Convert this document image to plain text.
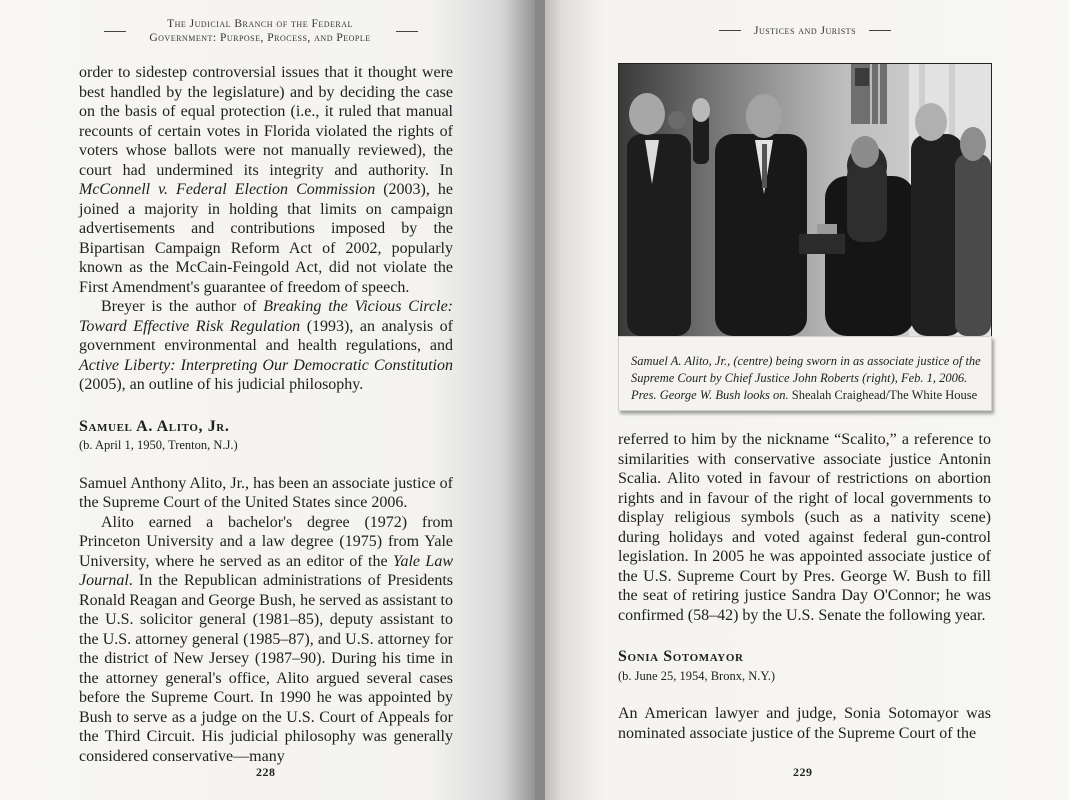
The Judicial Branch of the Federal
Government: Purpose, Process, and People

order to sidestep controversial issues that it thought were best handled by the legislature) and by deciding the case on the basis of equal protection (i.e., it ruled that manual recounts of certain votes in Florida violated the rights of voters whose ballots were not manually reviewed), the court had undermined its integrity and authority. In McConnell v. Federal Election Commission (2003), he joined a majority in holding that limits on campaign advertisements and contributions imposed by the Bipartisan Campaign Reform Act of 2002, popularly known as the McCain-Feingold Act, did not violate the First Amendment's guarantee of freedom of speech.

Breyer is the author of Breaking the Vicious Circle: Toward Effective Risk Regulation (1993), an analysis of government environmental and health regulations, and Active Liberty: Interpreting Our Democratic Constitution (2005), an outline of his judicial philosophy.

Samuel A. Alito, Jr.

(b. April 1, 1950, Trenton, N.J.)

Samuel Anthony Alito, Jr., has been an associate justice of the Supreme Court of the United States since 2006.

Alito earned a bachelor's degree (1972) from Princeton University and a law degree (1975) from Yale University, where he served as an editor of the Yale Law Journal. In the Republican administrations of Presidents Ronald Reagan and George Bush, he served as assistant to the U.S. solicitor general (1981–85), deputy assistant to the U.S. attorney general (1985–87), and U.S. attorney for the district of New Jersey (1987–90). During his time in the attorney general's office, Alito argued several cases before the Supreme Court. In 1990 he was appointed by Bush to serve as a judge on the U.S. Court of Appeals for the Third Circuit. His judicial philosophy was generally considered conservative—many

228
Justices and Jurists
229
Samuel A. Alito, Jr., (centre) being sworn in as associate justice of the Supreme Court by Chief Justice John Roberts (right), Feb. 1, 2006. Pres. George W. Bush looks on. Shealah Craighead/The White House

referred to him by the nickname “Scalito,” a reference to similarities with conservative associate justice Antonin Scalia. Alito voted in favour of restrictions on abortion rights and in favour of the right of local governments to display religious symbols (such as a nativity scene) during holidays and voted against federal gun-control legislation. In 2005 he was appointed associate justice of the U.S. Supreme Court by Pres. George W. Bush to fill the seat of retiring justice Sandra Day O'Connor; he was confirmed (58–42) by the U.S. Senate the following year.

Sonia Sotomayor

(b. June 25, 1954, Bronx, N.Y.)

An American lawyer and judge, Sonia Sotomayor was nominated associate justice of the Supreme Court of the
